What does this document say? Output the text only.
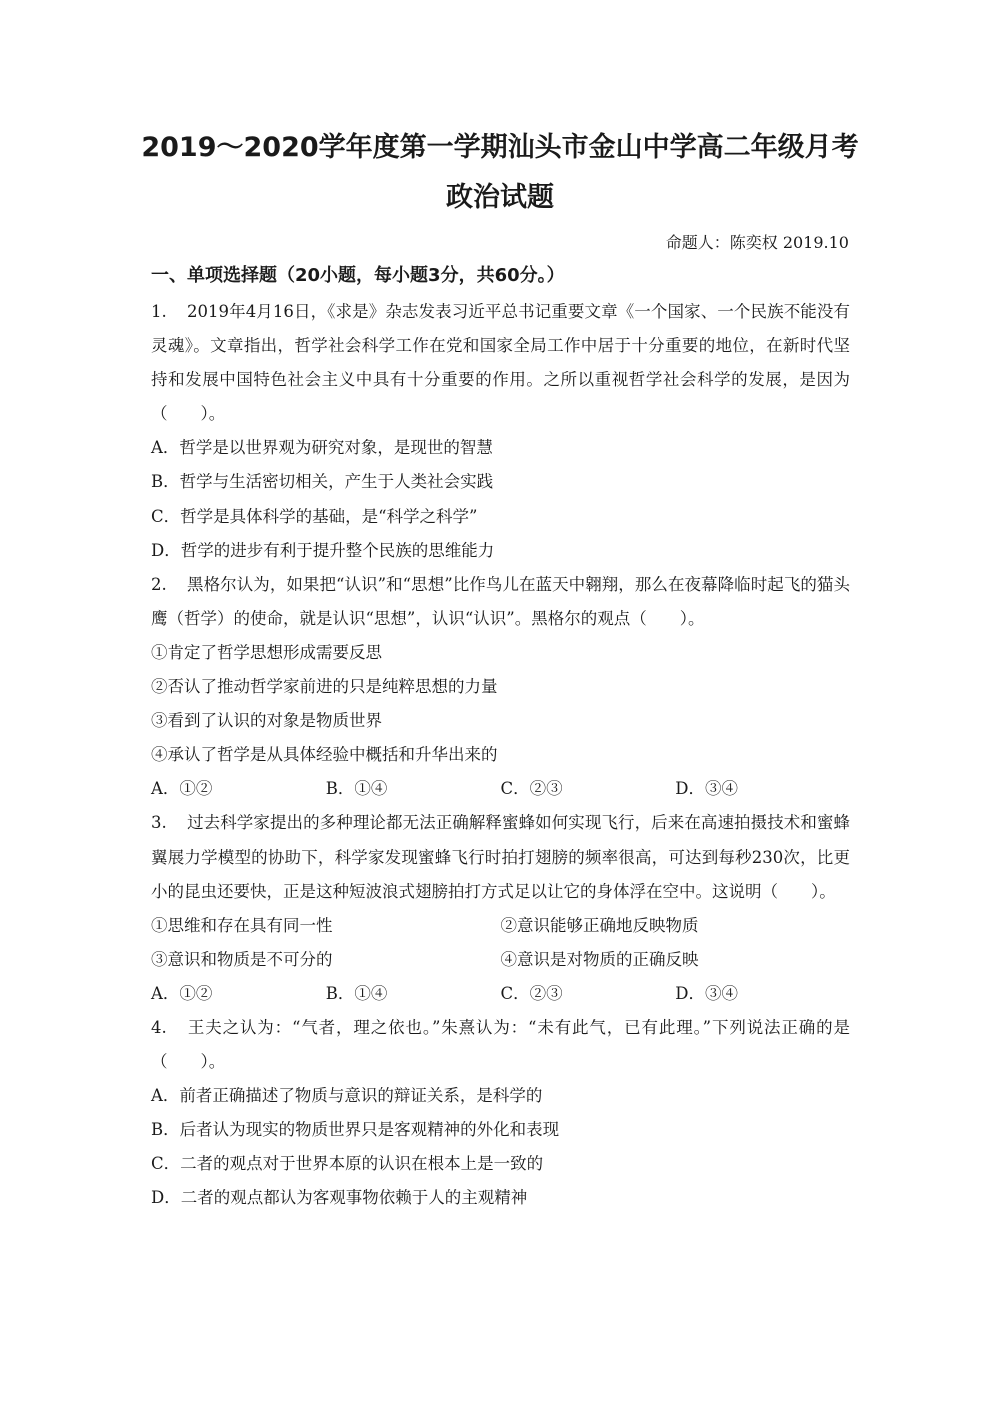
2019～2020学年度第一学期汕头市金山中学高二年级月考
政治试题
命题人：陈奕权 2019.10
一、单项选择题（20小题，每小题3分，共60分。）
1. 2019年4月16日，《求是》杂志发表习近平总书记重要文章《一个国家、一个民族不能没有灵魂》。文章指出，哲学社会科学工作在党和国家全局工作中居于十分重要的地位，在新时代坚持和发展中国特色社会主义中具有十分重要的作用。之所以重视哲学社会科学的发展，是因为（　　）。
A．哲学是以世界观为研究对象，是现世的智慧
B．哲学与生活密切相关，产生于人类社会实践
C．哲学是具体科学的基础，是“科学之科学”
D．哲学的进步有利于提升整个民族的思维能力
2. 黑格尔认为，如果把“认识”和“思想”比作鸟儿在蓝天中翱翔，那么在夜幕降临时起飞的猫头鹰（哲学）的使命，就是认识“思想”，认识“认识”。黑格尔的观点（　　）。
①肯定了哲学思想形成需要反思
②否认了推动哲学家前进的只是纯粹思想的力量
③看到了认识的对象是物质世界
④承认了哲学是从具体经验中概括和升华出来的
A．①②	B．①④	C．②③	D．③④
3. 过去科学家提出的多种理论都无法正确解释蜜蜂如何实现飞行，后来在高速拍摄技术和蜜蜂翼展力学模型的协助下，科学家发现蜜蜂飞行时拍打翅膀的频率很高，可达到每秒230次，比更小的昆虫还要快，正是这种短波浪式翅膀拍打方式足以让它的身体浮在空中。这说明（　　）。
①思维和存在具有同一性	②意识能够正确地反映物质
③意识和物质是不可分的	④意识是对物质的正确反映
A．①②	B．①④	C．②③	D．③④
4. 王夫之认为：“气者，理之依也。”朱熹认为：“未有此气，已有此理。”下列说法正确的是（　　）。
A．前者正确描述了物质与意识的辩证关系，是科学的
B．后者认为现实的物质世界只是客观精神的外化和表现
C．二者的观点对于世界本原的认识在根本上是一致的
D．二者的观点都认为客观事物依赖于人的主观精神
